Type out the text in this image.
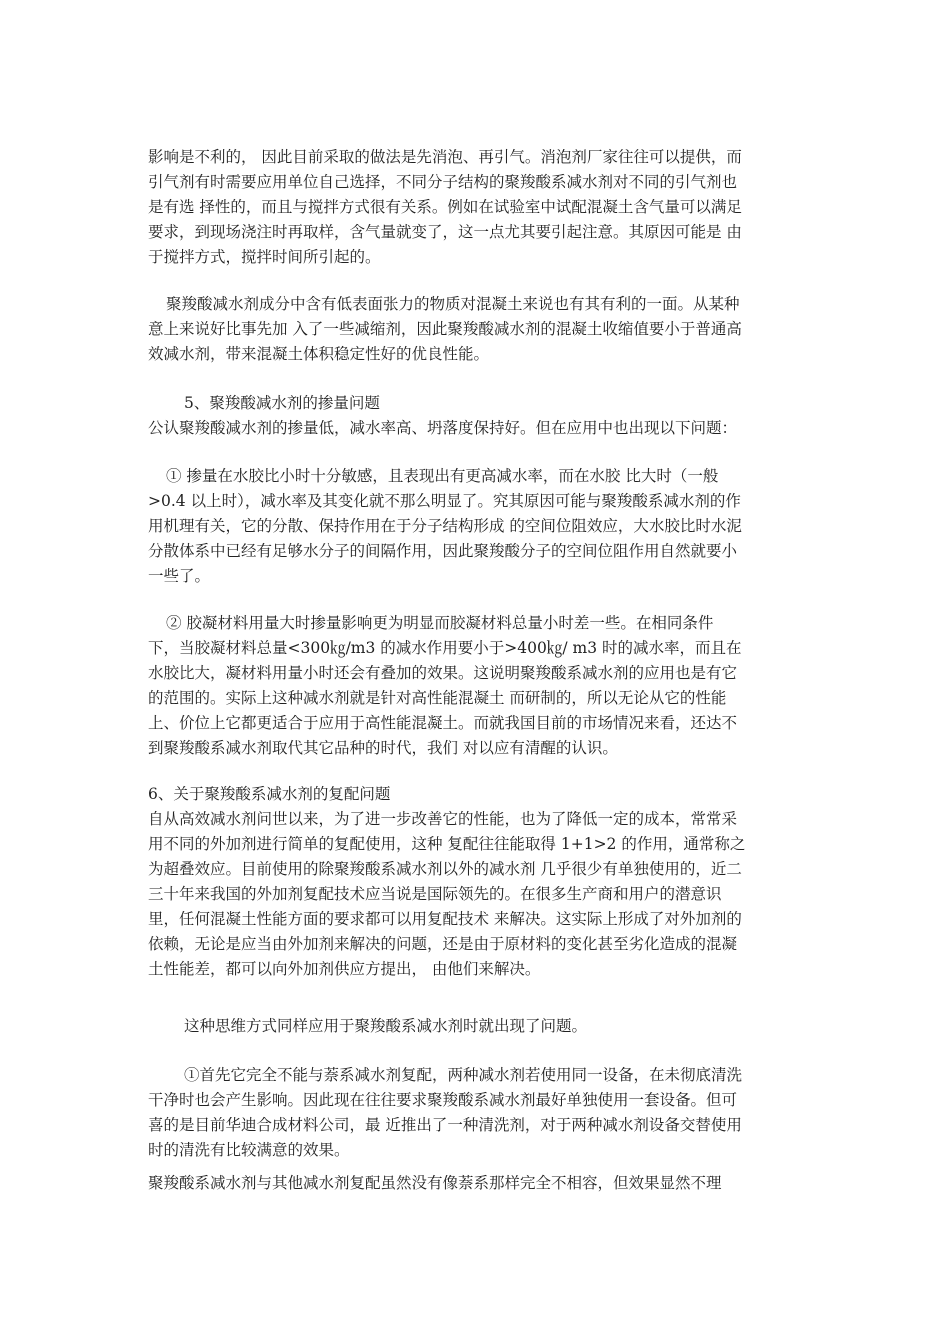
影响是不利的， 因此目前采取的做法是先消泡、再引气。消泡剂厂家往往可以提供，而

引气剂有时需要应用单位自己选择，不同分子结构的聚羧酸系减水剂对不同的引气剂也

是有选 择性的，而且与搅拌方式很有关系。例如在试验室中试配混凝土含气量可以满足

要求，到现场浇注时再取样，含气量就变了，这一点尤其要引起注意。其原因可能是 由

于搅拌方式，搅拌时间所引起的。

聚羧酸减水剂成分中含有低表面张力的物质对混凝土来说也有其有利的一面。从某种

意上来说好比事先加 入了一些减缩剂，因此聚羧酸减水剂的混凝土收缩值要小于普通高

效减水剂，带来混凝土体积稳定性好的优良性能。

5、聚羧酸减水剂的掺量问题

公认聚羧酸减水剂的掺量低，减水率高、坍落度保持好。但在应用中也出现以下问题：

① 掺量在水胶比小时十分敏感，且表现出有更高减水率，而在水胶 比大时（一般

>0.4 以上时），减水率及其变化就不那么明显了。究其原因可能与聚羧酸系减水剂的作

用机理有关，它的分散、保持作用在于分子结构形成 的空间位阻效应，大水胶比时水泥

分散体系中已经有足够水分子的间隔作用，因此聚羧酸分子的空间位阻作用自然就要小

一些了。

② 胶凝材料用量大时掺量影响更为明显而胶凝材料总量小时差一些。在相同条件

下，当胶凝材料总量<300㎏/m3 的减水作用要小于>400㎏/ m3 时的减水率，而且在

水胶比大，凝材料用量小时还会有叠加的效果。这说明聚羧酸系减水剂的应用也是有它

的范围的。实际上这种减水剂就是针对高性能混凝土 而研制的，所以无论从它的性能

上、价位上它都更适合于应用于高性能混凝土。而就我国目前的市场情况来看，还达不

到聚羧酸系减水剂取代其它品种的时代，我们 对以应有清醒的认识。

6、关于聚羧酸系减水剂的复配问题

自从高效减水剂问世以来，为了进一步改善它的性能，也为了降低一定的成本，常常采

用不同的外加剂进行简单的复配使用，这种 复配往往能取得 1+1>2 的作用，通常称之

为超叠效应。目前使用的除聚羧酸系减水剂以外的减水剂 几乎很少有单独使用的，近二

三十年来我国的外加剂复配技术应当说是国际领先的。在很多生产商和用户的潜意识

里，任何混凝土性能方面的要求都可以用复配技术 来解决。这实际上形成了对外加剂的

依赖，无论是应当由外加剂来解决的问题，还是由于原材料的变化甚至劣化造成的混凝

土性能差，都可以向外加剂供应方提出， 由他们来解决。

这种思维方式同样应用于聚羧酸系减水剂时就出现了问题。

①首先它完全不能与萘系减水剂复配，两种减水剂若使用同一设备，在未彻底清洗

干净时也会产生影响。因此现在往往要求聚羧酸系减水剂最好单独使用一套设备。但可

喜的是目前华迪合成材料公司，最 近推出了一种清洗剂，对于两种减水剂设备交替使用

时的清洗有比较满意的效果。

聚羧酸系减水剂与其他减水剂复配虽然没有像萘系那样完全不相容，但效果显然不理
